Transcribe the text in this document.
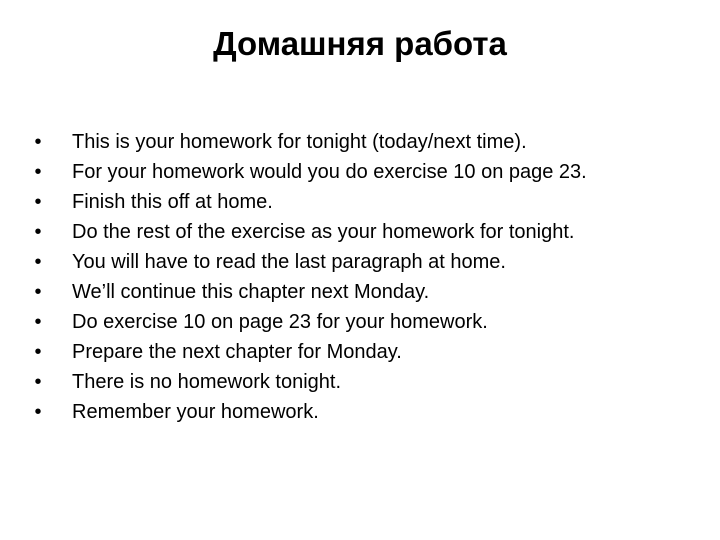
Домашняя работа
•	This is your homework for tonight (today/next time).
•	For your homework would you do exercise 10 on page 23.
•	Finish this off at home.
•	Do the rest of the exercise as your homework for tonight.
•	You will have to read the last paragraph at home.
•	We’ll continue this chapter next Monday.
•	Do exercise 10 on page 23 for your homework.
•	Prepare the next chapter for Monday.
•	There is no homework tonight.
•	Remember your homework.
